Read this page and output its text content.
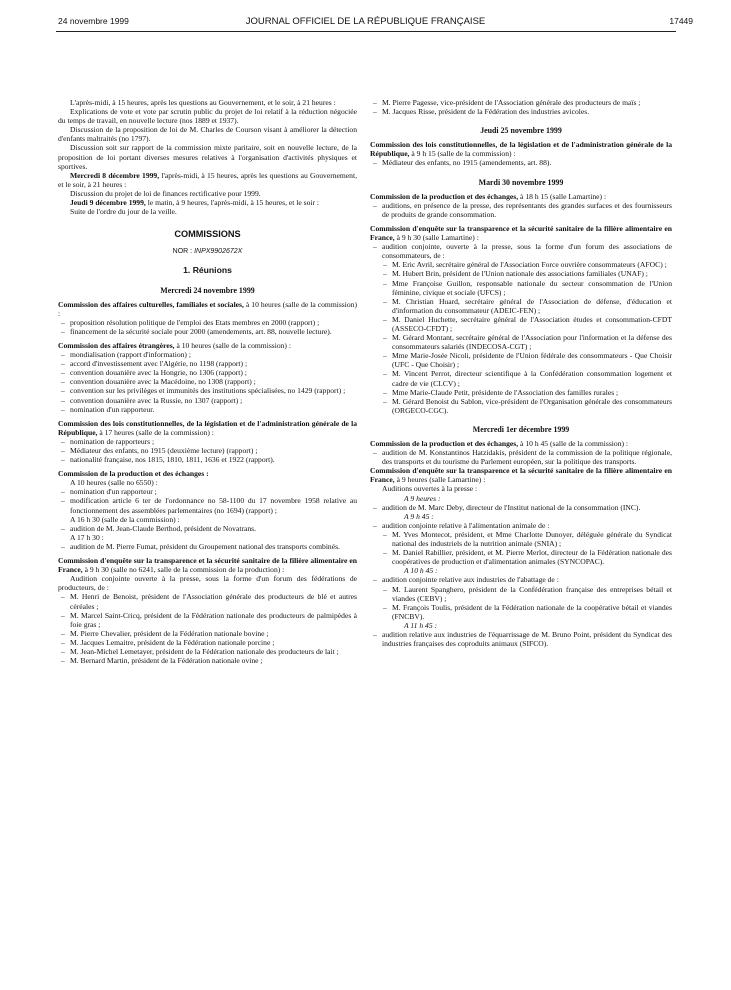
24 novembre 1999	JOURNAL OFFICIEL DE LA RÉPUBLIQUE FRANÇAISE	17449

L'après-midi, à 15 heures, après les questions au Gouvernement, et le soir, à 21 heures :

Explications de vote et vote par scrutin public du projet de loi relatif à la réduction négociée du temps de travail, en nouvelle lecture (nos 1889 et 1937).

Discussion de la proposition de loi de M. Charles de Courson visant à améliorer la détection d'enfants maltraités (no 1797).

Discussion soit sur rapport de la commission mixte paritaire, soit en nouvelle lecture, de la proposition de loi portant diverses mesures relatives à l'organisation d'activités physiques et sportives.

Mercredi 8 décembre 1999, l'après-midi, à 15 heures, après les questions au Gouvernement, et le soir, à 21 heures :

Discussion du projet de loi de finances rectificative pour 1999.

Jeudi 9 décembre 1999, le matin, à 9 heures, l'après-midi, à 15 heures, et le soir :

Suite de l'ordre du jour de la veille.

COMMISSIONS
NOR : INPX9902672X
1. Réunions
Mercredi 24 novembre 1999

Commission des affaires culturelles, familiales et sociales, à 10 heures (salle de la commission) :

– proposition résolution politique de l'emploi des Etats membres en 2000 (rapport) ;
– financement de la sécurité sociale pour 2000 (amendements, art. 88, nouvelle lecture).

Commission des affaires étrangères, à 10 heures (salle de la commission) :

– mondialisation (rapport d'information) ;
– accord d'investissement avec l'Algérie, no 1198 (rapport) ;
– convention douanière avec la Hongrie, no 1306 (rapport) ;
– convention douanière avec la Macédoine, no 1308 (rapport) ;
– convention sur les privilèges et immunités des institutions spécialisées, no 1429 (rapport) ;
– convention douanière avec la Russie, no 1307 (rapport) ;
– nomination d'un rapporteur.

Commission des lois constitutionnelles, de la législation et de l'administration générale de la République, à 17 heures (salle de la commission) :

– nomination de rapporteurs ;
– Médiateur des enfants, no 1915 (deuxième lecture) (rapport) ;
– nationalité française, nos 1815, 1810, 1811, 1636 et 1922 (rapport).

Commission de la production et des échanges :

A 10 heures (salle no 6550) :

– nomination d'un rapporteur ;
– modification article 6 ter de l'ordonnance no 58-1100 du 17 novembre 1958 relative au fonctionnement des assemblées parlementaires (no 1694) (rapport) ;

A 16 h 30 (salle de la commission) :

– audition de M. Jean-Claude Berthod, président de Novatrans.

A 17 h 30 :

– audition de M. Pierre Fumat, président du Groupement national des transports combinés.

Commission d'enquête sur la transparence et la sécurité sanitaire de la filière alimentaire en France, à 9 h 30 (salle no 6241, salle de la commission de la production) :

Audition conjointe ouverte à la presse, sous la forme d'un forum des fédérations de producteurs, de :

– M. Henri de Benoist, président de l'Association générale des producteurs de blé et autres céréales ;
– M. Marcel Saint-Cricq, président de la Fédération nationale des producteurs de palmipèdes à foie gras ;
– M. Pierre Chevalier, président de la Fédération nationale bovine ;
– M. Jacques Lemaitre, président de la Fédération nationale porcine ;
– M. Jean-Michel Lemetayer, président de la Fédération nationale des producteurs de lait ;
– M. Bernard Martin, président de la Fédération nationale ovine ;
– M. Pierre Pagesse, vice-président de l'Association générale des producteurs de maïs ;
– M. Jacques Risse, président de la Fédération des industries avicoles.
Jeudi 25 novembre 1999

Commission des lois constitutionnelles, de la législation et de l'administration générale de la République, à 9 h 15 (salle de la commission) :

– Médiateur des enfants, no 1915 (amendements, art. 88).
Mardi 30 novembre 1999

Commission de la production et des échanges, à 18 h 15 (salle Lamartine) :

– auditions, en présence de la presse, des représentants des grandes surfaces et des fournisseurs de produits de grande consommation.

Commission d'enquête sur la transparence et la sécurité sanitaire de la filière alimentaire en France, à 9 h 30 (salle Lamartine) :

– audition conjointe, ouverte à la presse, sous la forme d'un forum des associations de consommateurs, de :
– M. Eric Avril, secrétaire général de l'Association Force ouvrière consommateurs (AFOC) ;
– M. Hubert Brin, président de l'Union nationale des associations familiales (UNAF) ;
– Mme Françoise Guillon, responsable nationale du secteur consommation de l'Union féminine, civique et sociale (UFCS) ;
– M. Christian Huard, secrétaire général de l'Association de défense, d'éducation et d'information du consommateur (ADEIC-FEN) ;
– M. Daniel Huchette, secrétaire général de l'Association études et consommation-CFDT (ASSECO-CFDT) ;
– M. Gérard Montant, secrétaire général de l'Association pour l'information et la défense des consommateurs salariés (INDECOSA-CGT) ;
– Mme Marie-Josée Nicoli, présidente de l'Union fédérale des consommateurs - Que Choisir (UFC - Que Choisir) ;
– M. Vincent Perrot, directeur scientifique à la Confédération consommation logement et cadre de vie (CLCV) ;
– Mme Marie-Claude Petit, présidente de l'Association des familles rurales ;
– M. Gérard Benoist du Sablon, vice-président de l'Organisation générale des consommateurs (ORGECO-CGC).
Mercredi 1er décembre 1999

Commission de la production et des échanges, à 10 h 45 (salle de la commission) :

– audition de M. Konstantinos Hatzidakis, président de la commission de la politique régionale, des transports et du tourisme du Parlement européen, sur la politique des transports.

Commission d'enquête sur la transparence et la sécurité sanitaire de la filière alimentaire en France, à 9 heures (salle Lamartine) :

Auditions ouvertes à la presse :

A 9 heures :

– audition de M. Marc Deby, directeur de l'Institut national de la consommation (INC).

A 9 h 45 :

– audition conjointe relative à l'alimentation animale de :
– M. Yves Montecot, président, et Mme Charlotte Dunoyer, déléguée générale du Syndicat national des industriels de la nutrition animale (SNIA) ;
– M. Daniel Rabillier, président, et M. Pierre Merlot, directeur de la Fédération nationale des coopératives de production et d'alimentation animales (SYNCOPAC).

A 10 h 45 :

– audition conjointe relative aux industries de l'abattage de :
– M. Laurent Spanghero, président de la Confédération française des entreprises bétail et viandes (CEBV) ;
– M. François Toulis, président de la Fédération nationale de la coopérative bétail et viandes (FNCBV).

A 11 h 45 :

– audition relative aux industries de l'équarrissage de M. Bruno Point, président du Syndicat des industries françaises des coproduits animaux (SIFCO).
